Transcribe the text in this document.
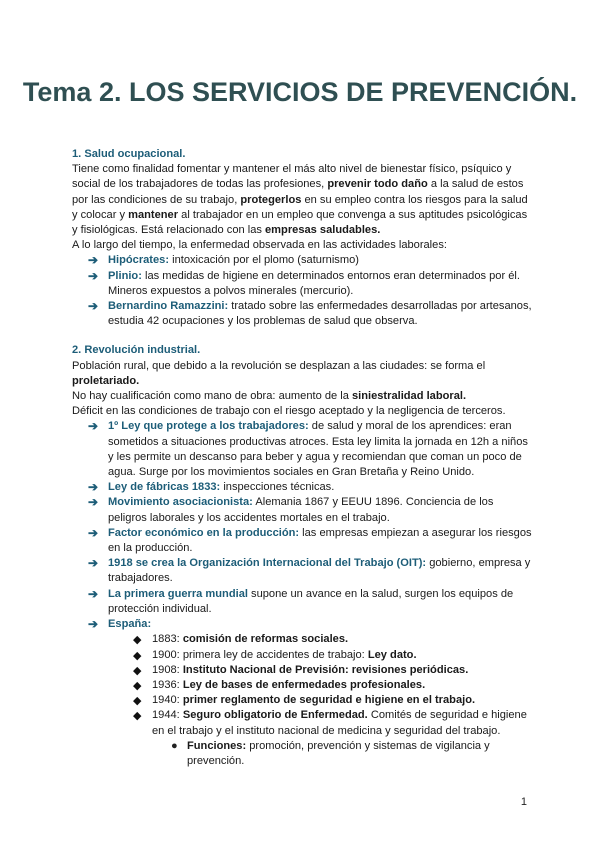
Tema 2. LOS SERVICIOS DE PREVENCIÓN.

1. Salud ocupacional.

Tiene como finalidad fomentar y mantener el más alto nivel de bienestar físico, psíquico y social de los trabajadores de todas las profesiones, prevenir todo daño a la salud de estos por las condiciones de su trabajo, protegerlos en su empleo contra los riesgos para la salud y colocar y mantener al trabajador en un empleo que convenga a sus aptitudes psicológicas y fisiológicas. Está relacionado con las empresas saludables.

A lo largo del tiempo, la enfermedad observada en las actividades laborales:

➔ Hipócrates: intoxicación por el plomo (saturnismo)
➔ Plinio: las medidas de higiene en determinados entornos eran determinados por él. Mineros expuestos a polvos minerales (mercurio).
➔ Bernardino Ramazzini: tratado sobre las enfermedades desarrolladas por artesanos, estudia 42 ocupaciones y los problemas de salud que observa.

2. Revolución industrial.

Población rural, que debido a la revolución se desplazan a las ciudades: se forma el proletariado.

No hay cualificación como mano de obra: aumento de la siniestralidad laboral.

Déficit en las condiciones de trabajo con el riesgo aceptado y la negligencia de terceros.

➔ 1º Ley que protege a los trabajadores: de salud y moral de los aprendices: eran sometidos a situaciones productivas atroces. Esta ley limita la jornada en 12h a niños y les permite un descanso para beber y agua y recomiendan que coman un poco de agua. Surge por los movimientos sociales en Gran Bretaña y Reino Unido.
➔ Ley de fábricas 1833: inspecciones técnicas.
➔ Movimiento asociacionista: Alemania 1867 y EEUU 1896. Conciencia de los peligros laborales y los accidentes mortales en el trabajo.
➔ Factor económico en la producción: las empresas empiezan a asegurar los riesgos en la producción.
➔ 1918 se crea la Organización Internacional del Trabajo (OIT): gobierno, empresa y trabajadores.
➔ La primera guerra mundial supone un avance en la salud, surgen los equipos de protección individual.
➔ España:
◆ 1883: comisión de reformas sociales.
◆ 1900: primera ley de accidentes de trabajo: Ley dato.
◆ 1908: Instituto Nacional de Previsión: revisiones periódicas.
◆ 1936: Ley de bases de enfermedades profesionales.
◆ 1940: primer reglamento de seguridad e higiene en el trabajo.
◆ 1944: Seguro obligatorio de Enfermedad. Comités de seguridad e higiene en el trabajo y el instituto nacional de medicina y seguridad del trabajo.
● Funciones: promoción, prevención y sistemas de vigilancia y prevención.
1
